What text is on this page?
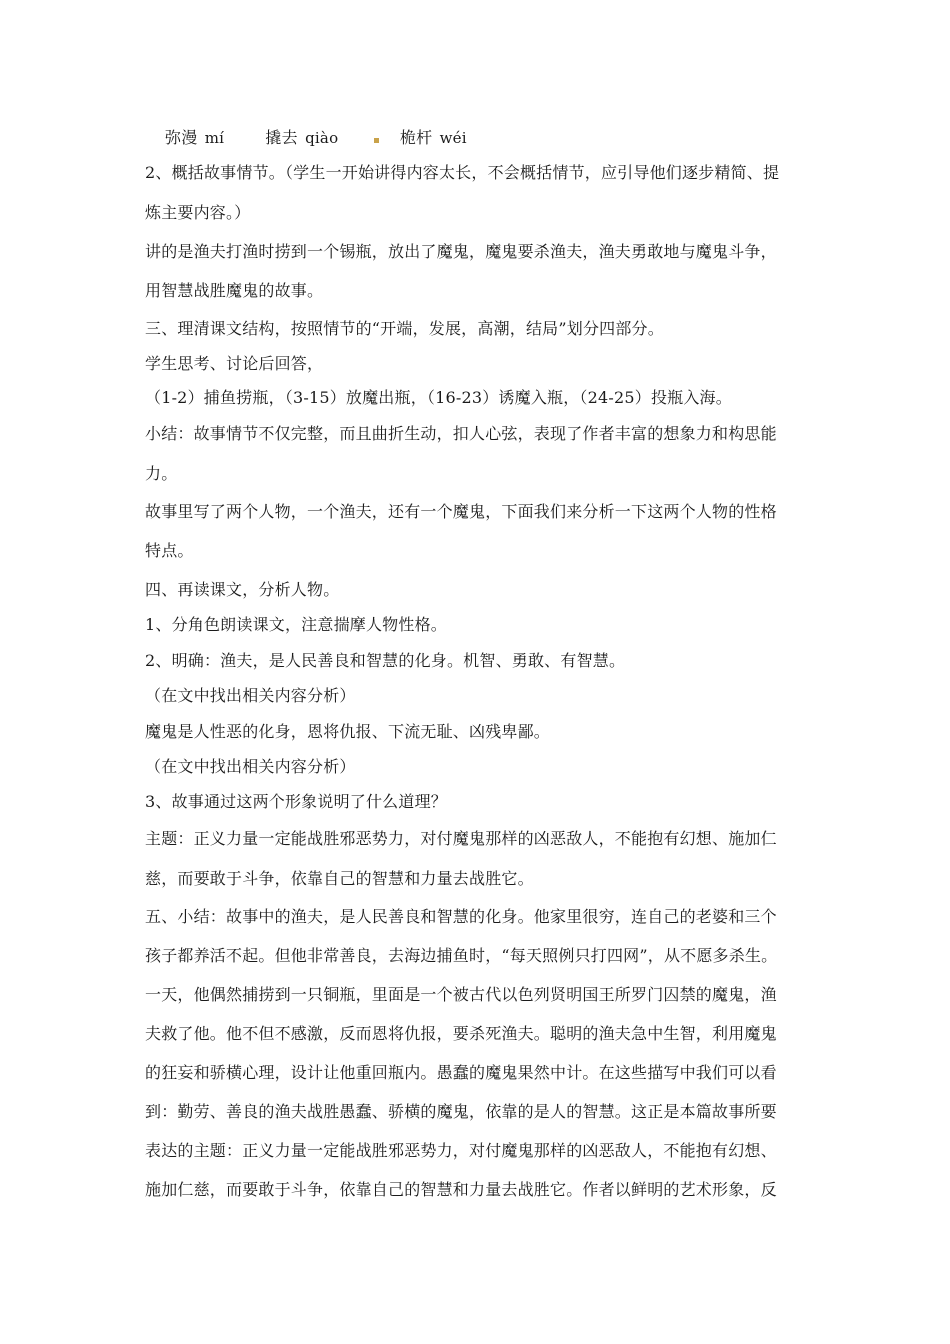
弥漫 mí	撬去 qiào	桅杆 wéi
2、概括故事情节。（学生一开始讲得内容太长，不会概括情节，应引导他们逐步精简、提
炼主要内容。）
讲的是渔夫打渔时捞到一个锡瓶，放出了魔鬼，魔鬼要杀渔夫，渔夫勇敢地与魔鬼斗争，
用智慧战胜魔鬼的故事。
三、理清课文结构，按照情节的“开端，发展，高潮，结局”划分四部分。
学生思考、讨论后回答，
（1-2）捕鱼捞瓶，（3-15）放魔出瓶，（16-23）诱魔入瓶，（24-25）投瓶入海。
小结：故事情节不仅完整，而且曲折生动，扣人心弦，表现了作者丰富的想象力和构思能
力。
故事里写了两个人物，一个渔夫，还有一个魔鬼，下面我们来分析一下这两个人物的性格
特点。
四、再读课文，分析人物。
1、分角色朗读课文，注意揣摩人物性格。
2、明确：渔夫，是人民善良和智慧的化身。机智、勇敢、有智慧。
（在文中找出相关内容分析）
魔鬼是人性恶的化身，恩将仇报、下流无耻、凶残卑鄙。
（在文中找出相关内容分析）
3、故事通过这两个形象说明了什么道理？
主题：正义力量一定能战胜邪恶势力，对付魔鬼那样的凶恶敌人，不能抱有幻想、施加仁
慈，而要敢于斗争，依靠自己的智慧和力量去战胜它。
五、小结：故事中的渔夫，是人民善良和智慧的化身。他家里很穷，连自己的老婆和三个
孩子都养活不起。但他非常善良，去海边捕鱼时，“每天照例只打四网”，从不愿多杀生。
一天，他偶然捕捞到一只铜瓶，里面是一个被古代以色列贤明国王所罗门囚禁的魔鬼，渔
夫救了他。他不但不感激，反而恩将仇报，要杀死渔夫。聪明的渔夫急中生智，利用魔鬼
的狂妄和骄横心理，设计让他重回瓶内。愚蠢的魔鬼果然中计。在这些描写中我们可以看
到：勤劳、善良的渔夫战胜愚蠢、骄横的魔鬼，依靠的是人的智慧。这正是本篇故事所要
表达的主题：正义力量一定能战胜邪恶势力，对付魔鬼那样的凶恶敌人，不能抱有幻想、
施加仁慈，而要敢于斗争，依靠自己的智慧和力量去战胜它。作者以鲜明的艺术形象，反
